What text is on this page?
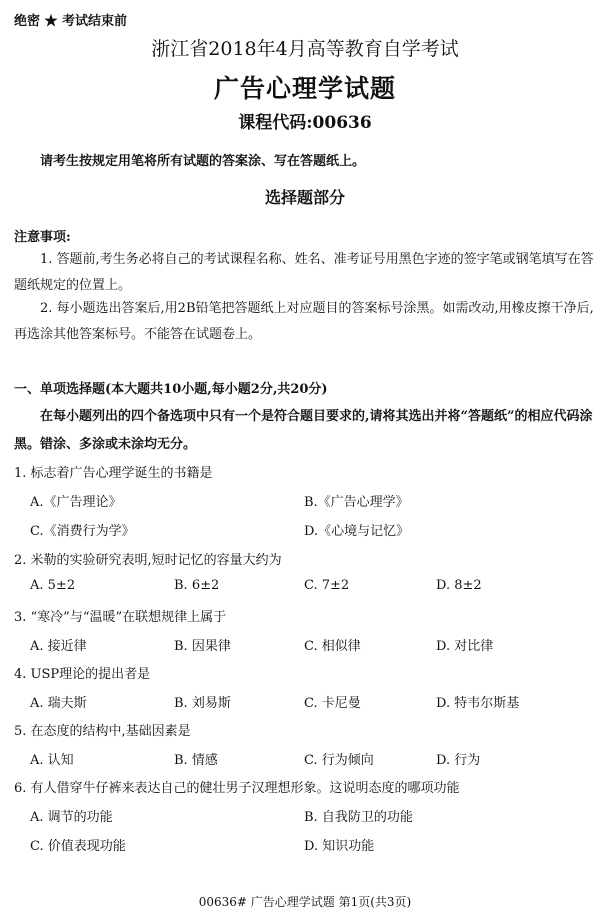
绝密 ★ 考试结束前
浙江省2018年4月高等教育自学考试
广告心理学试题
课程代码:00636
请考生按规定用笔将所有试题的答案涂、写在答题纸上。
选择题部分
注意事项:
1. 答题前,考生务必将自己的考试课程名称、姓名、准考证号用黑色字迹的签字笔或钢笔填写在答题纸规定的位置上。
2. 每小题选出答案后,用2B铅笔把答题纸上对应题目的答案标号涂黑。如需改动,用橡皮擦干净后,再选涂其他答案标号。不能答在试题卷上。
一、单项选择题(本大题共10小题,每小题2分,共20分)
在每小题列出的四个备选项中只有一个是符合题目要求的,请将其选出并将“答题纸”的相应代码涂黑。错涂、多涂或未涂均无分。
1. 标志着广告心理学诞生的书籍是
A.《广告理论》	B.《广告心理学》
C.《消费行为学》	D.《心境与记忆》
2. 米勒的实验研究表明,短时记忆的容量大约为
A. 5±2	B. 6±2	C. 7±2	D. 8±2
3. “寒冷”与“温暖”在联想规律上属于
A. 接近律	B. 因果律	C. 相似律	D. 对比律
4. USP理论的提出者是
A. 瑞夫斯	B. 刘易斯	C. 卡尼曼	D. 特韦尔斯基
5. 在态度的结构中,基础因素是
A. 认知	B. 情感	C. 行为倾向	D. 行为
6. 有人借穿牛仔裤来表达自己的健壮男子汉理想形象。这说明态度的哪项功能
A. 调节的功能	B. 自我防卫的功能
C. 价值表现功能	D. 知识功能
00636# 广告心理学试题 第1页(共3页)
